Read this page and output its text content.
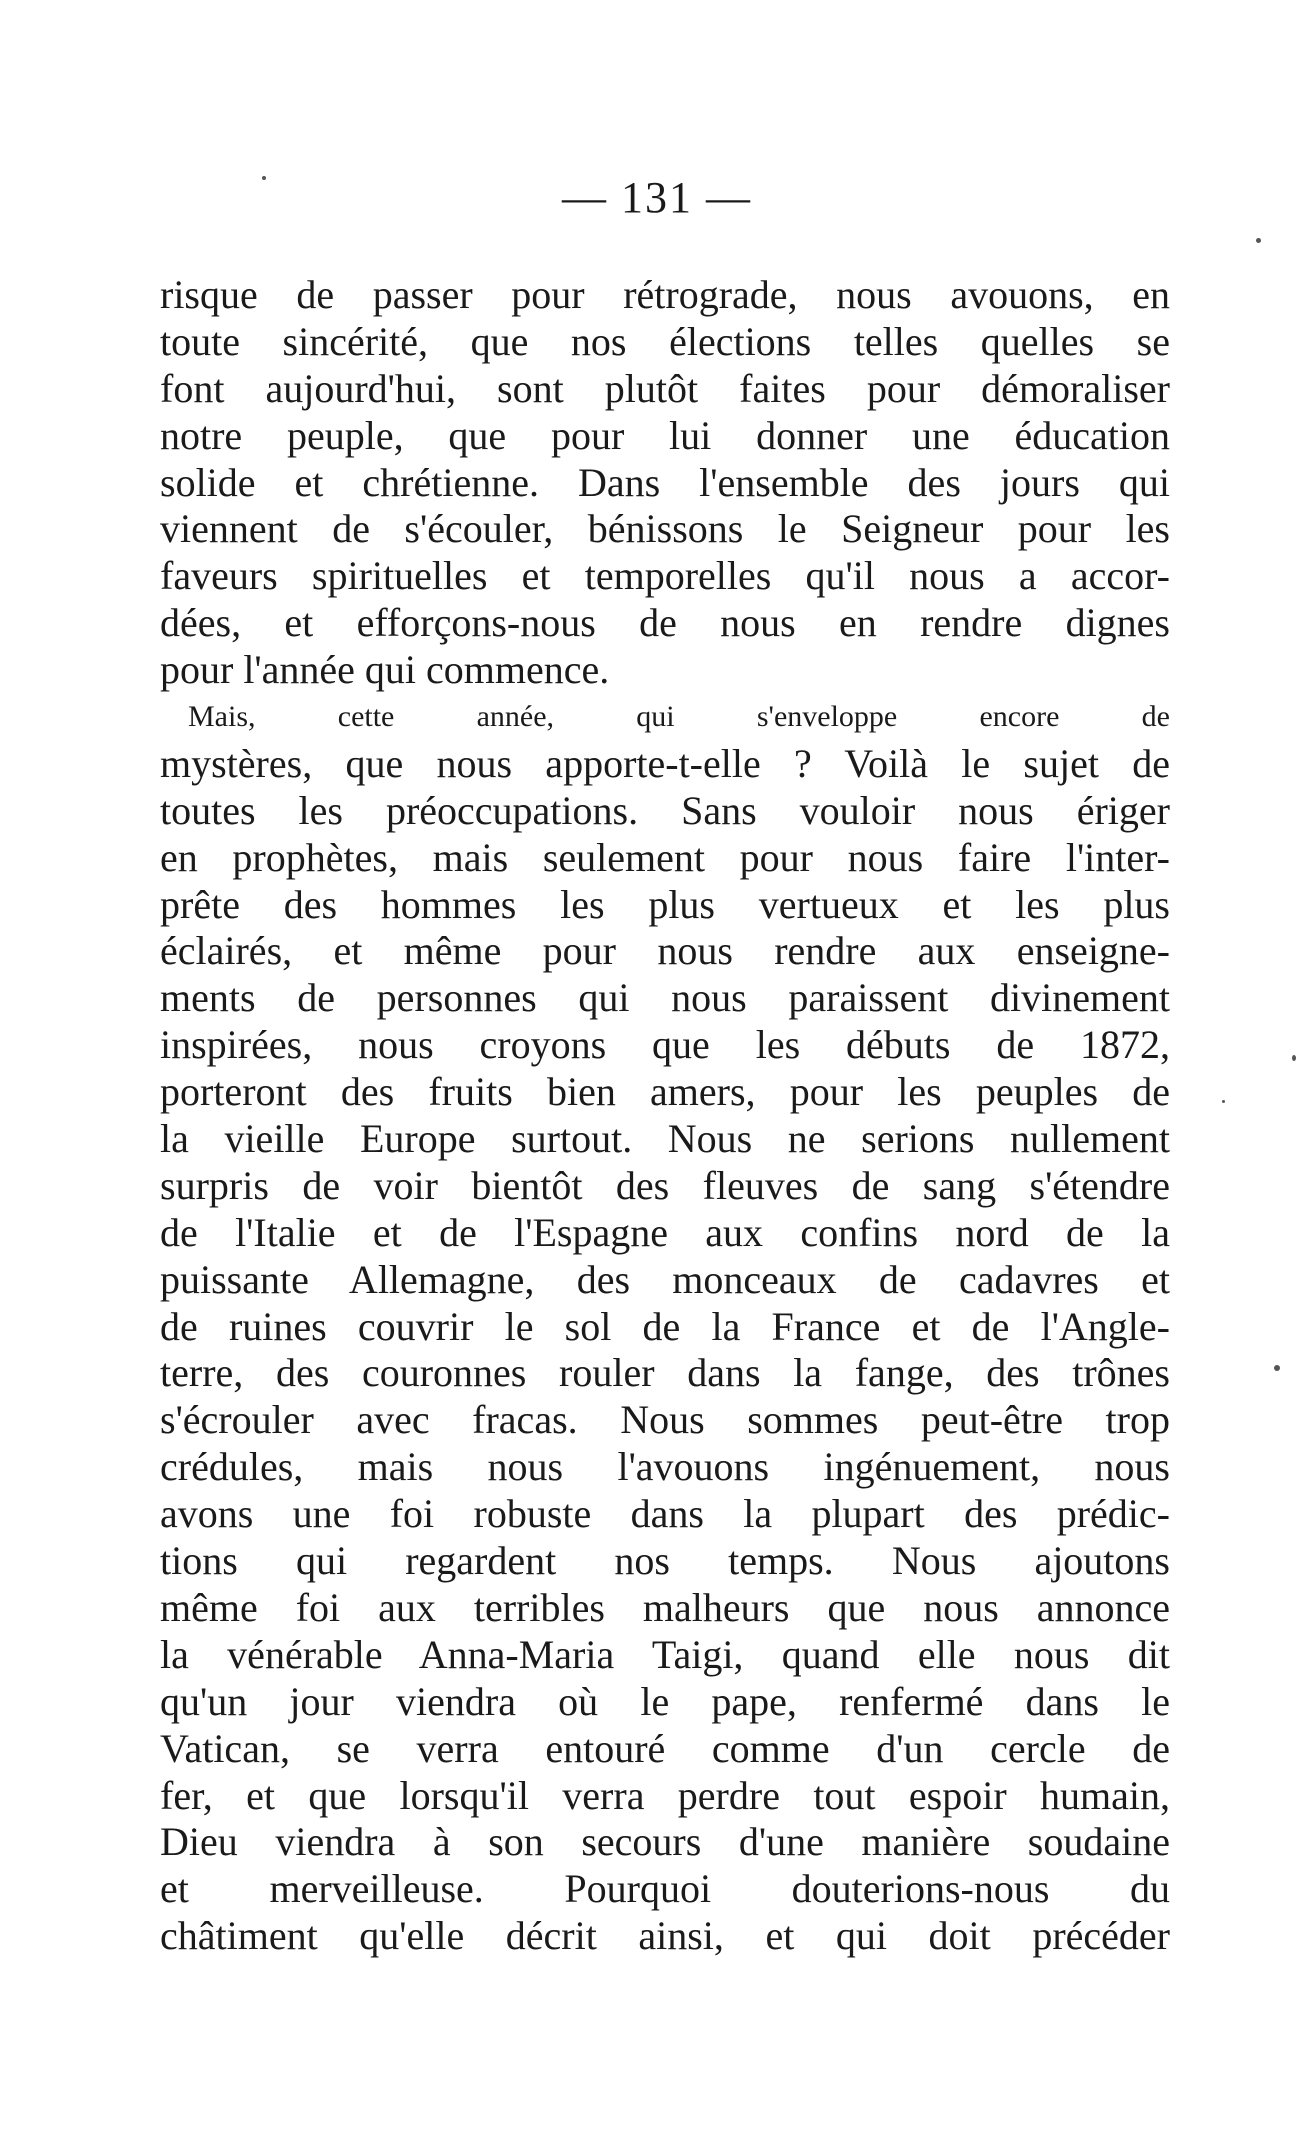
— 131 —
risque de passer pour rétrograde, nous avouons, en
toute sincérité, que nos élections telles quelles se
font aujourd'hui, sont plutôt faites pour démoraliser
notre peuple, que pour lui donner une éducation
solide et chrétienne. Dans l'ensemble des jours qui
viennent de s'écouler, bénissons le Seigneur pour les
faveurs spirituelles et temporelles qu'il nous a accor-
dées, et efforçons-nous de nous en rendre dignes
pour l'année qui commence.
Mais, cette année, qui s'enveloppe encore de
mystères, que nous apporte-t-elle ? Voilà le sujet de
toutes les préoccupations. Sans vouloir nous ériger
en prophètes, mais seulement pour nous faire l'inter-
prête des hommes les plus vertueux et les plus
éclairés, et même pour nous rendre aux enseigne-
ments de personnes qui nous paraissent divinement
inspirées, nous croyons que les débuts de 1872,
porteront des fruits bien amers, pour les peuples de
la vieille Europe surtout. Nous ne serions nullement
surpris de voir bientôt des fleuves de sang s'étendre
de l'Italie et de l'Espagne aux confins nord de la
puissante Allemagne, des monceaux de cadavres et
de ruines couvrir le sol de la France et de l'Angle-
terre, des couronnes rouler dans la fange, des trônes
s'écrouler avec fracas. Nous sommes peut-être trop
crédules, mais nous l'avouons ingénuement, nous
avons une foi robuste dans la plupart des prédic-
tions qui regardent nos temps. Nous ajoutons
même foi aux terribles malheurs que nous annonce
la vénérable Anna-Maria Taigi, quand elle nous dit
qu'un jour viendra où le pape, renfermé dans le
Vatican, se verra entouré comme d'un cercle de
fer, et que lorsqu'il verra perdre tout espoir humain,
Dieu viendra à son secours d'une manière soudaine
et merveilleuse. Pourquoi douterions-nous du
châtiment qu'elle décrit ainsi, et qui doit précéder
